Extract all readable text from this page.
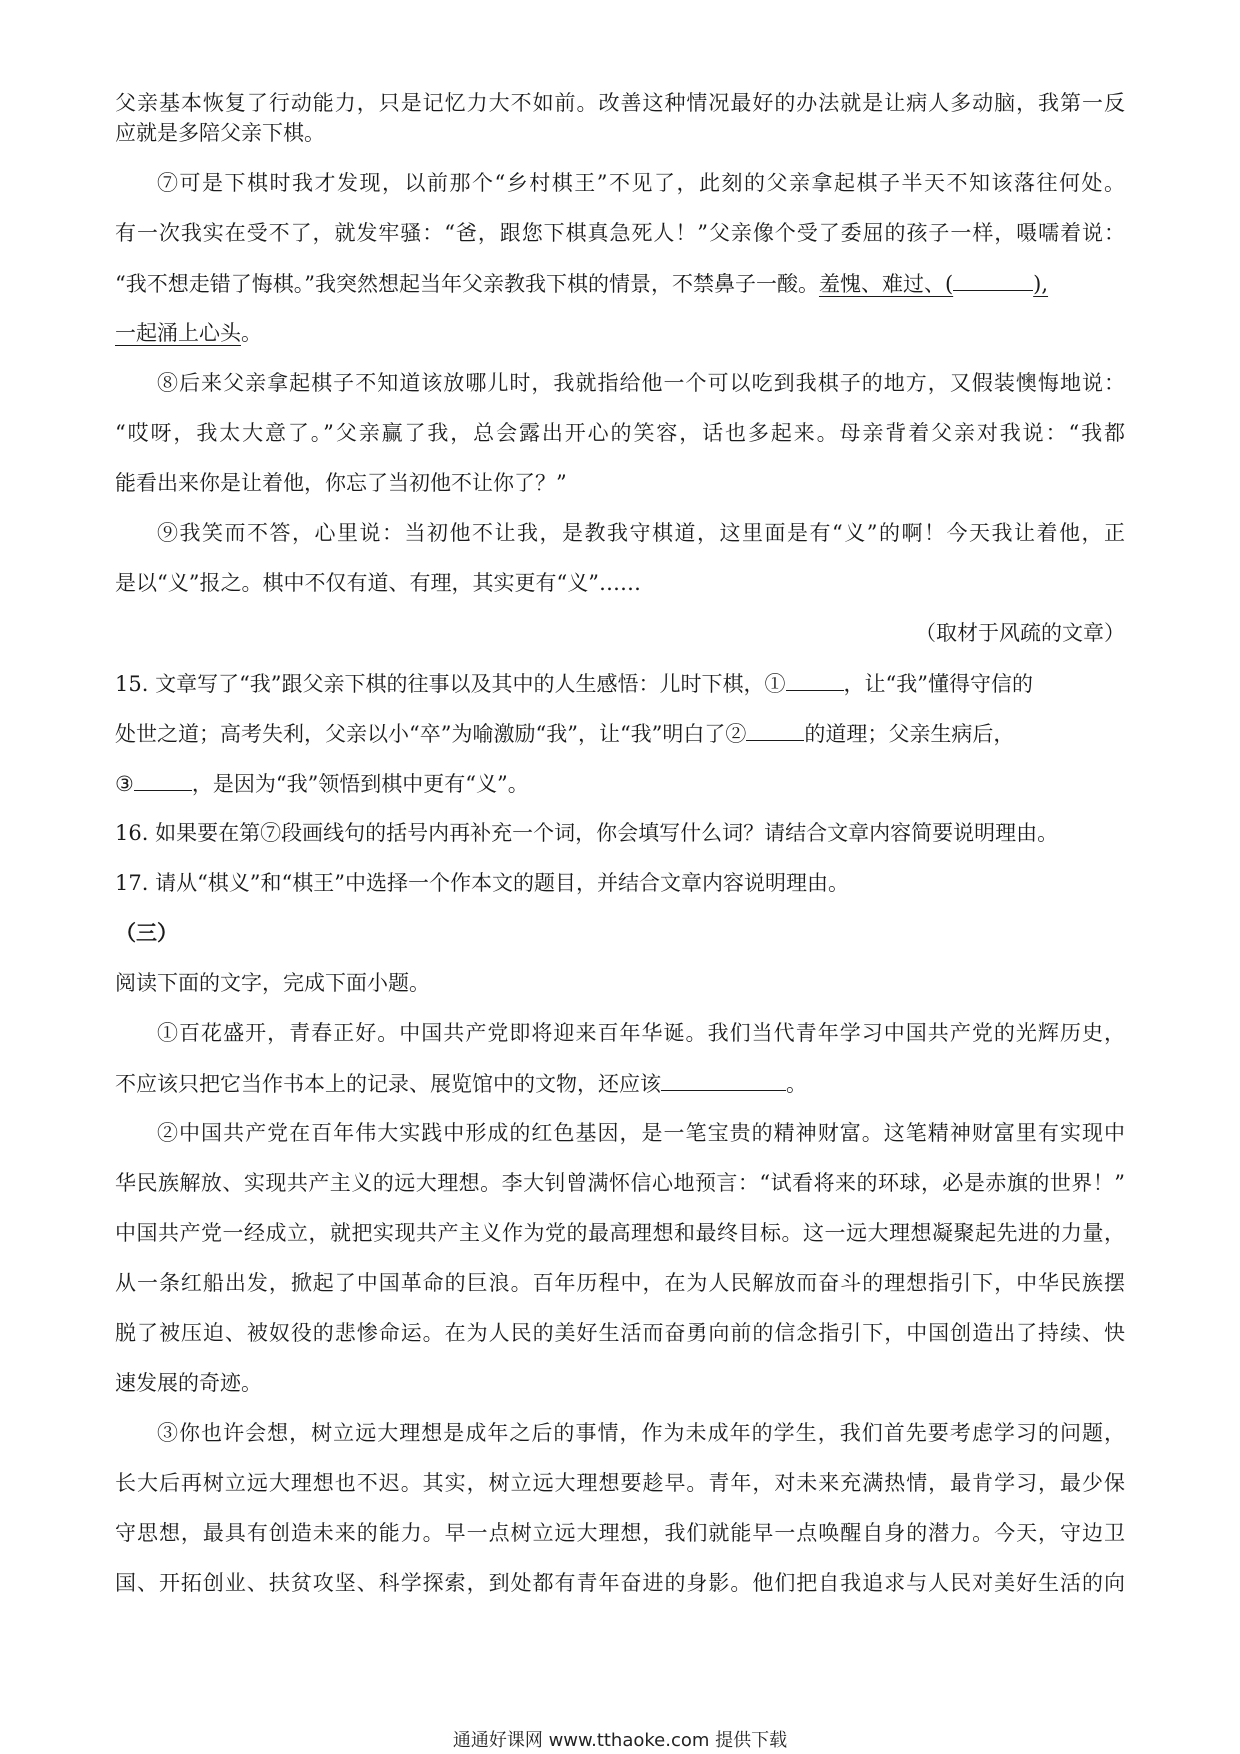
父亲基本恢复了行动能力，只是记忆力大不如前。改善这种情况最好的办法就是让病人多动脑，我第一反

应就是多陪父亲下棋。

⑦可是下棋时我才发现，以前那个“乡村棋王”不见了，此刻的父亲拿起棋子半天不知该落往何处。

有一次我实在受不了，就发牢骚：“爸，跟您下棋真急死人！”父亲像个受了委屈的孩子一样，嗫嚅着说：

“我不想走错了悔棋。”我突然想起当年父亲教我下棋的情景，不禁鼻子一酸。羞愧、难过、(	),

一起涌上心头。

⑧后来父亲拿起棋子不知道该放哪儿时，我就指给他一个可以吃到我棋子的地方，又假装懊悔地说：

“哎呀，我太大意了。”父亲赢了我，总会露出开心的笑容，话也多起来。母亲背着父亲对我说：“我都

能看出来你是让着他，你忘了当初他不让你了？”

⑨我笑而不答，心里说：当初他不让我，是教我守棋道，这里面是有“义”的啊！今天我让着他，正

是以“义”报之。棋中不仅有道、有理，其实更有“义”……

（取材于风疏的文章）

15. 文章写了“我”跟父亲下棋的往事以及其中的人生感悟：儿时下棋，①	，让“我”懂得守信的

处世之道；高考失利，父亲以小“卒”为喻激励“我”，让“我”明白了②	的道理；父亲生病后，

③	，是因为“我”领悟到棋中更有“义”。

16. 如果要在第⑦段画线句的括号内再补充一个词，你会填写什么词？请结合文章内容简要说明理由。

17. 请从“棋义”和“棋王”中选择一个作本文的题目，并结合文章内容说明理由。

（三）

阅读下面的文字，完成下面小题。

①百花盛开，青春正好。中国共产党即将迎来百年华诞。我们当代青年学习中国共产党的光辉历史，

不应该只把它当作书本上的记录、展览馆中的文物，还应该	。

②中国共产党在百年伟大实践中形成的红色基因，是一笔宝贵的精神财富。这笔精神财富里有实现中

华民族解放、实现共产主义的远大理想。李大钊曾满怀信心地预言：“试看将来的环球，必是赤旗的世界！”

中国共产党一经成立，就把实现共产主义作为党的最高理想和最终目标。这一远大理想凝聚起先进的力量，

从一条红船出发，掀起了中国革命的巨浪。百年历程中，在为人民解放而奋斗的理想指引下，中华民族摆

脱了被压迫、被奴役的悲惨命运。在为人民的美好生活而奋勇向前的信念指引下，中国创造出了持续、快

速发展的奇迹。

③你也许会想，树立远大理想是成年之后的事情，作为未成年的学生，我们首先要考虑学习的问题，

长大后再树立远大理想也不迟。其实，树立远大理想要趁早。青年，对未来充满热情，最肯学习，最少保

守思想，最具有创造未来的能力。早一点树立远大理想，我们就能早一点唤醒自身的潜力。今天，守边卫

国、开拓创业、扶贫攻坚、科学探索，到处都有青年奋进的身影。他们把自我追求与人民对美好生活的向

通通好课网 www.tthaoke.com 提供下载
